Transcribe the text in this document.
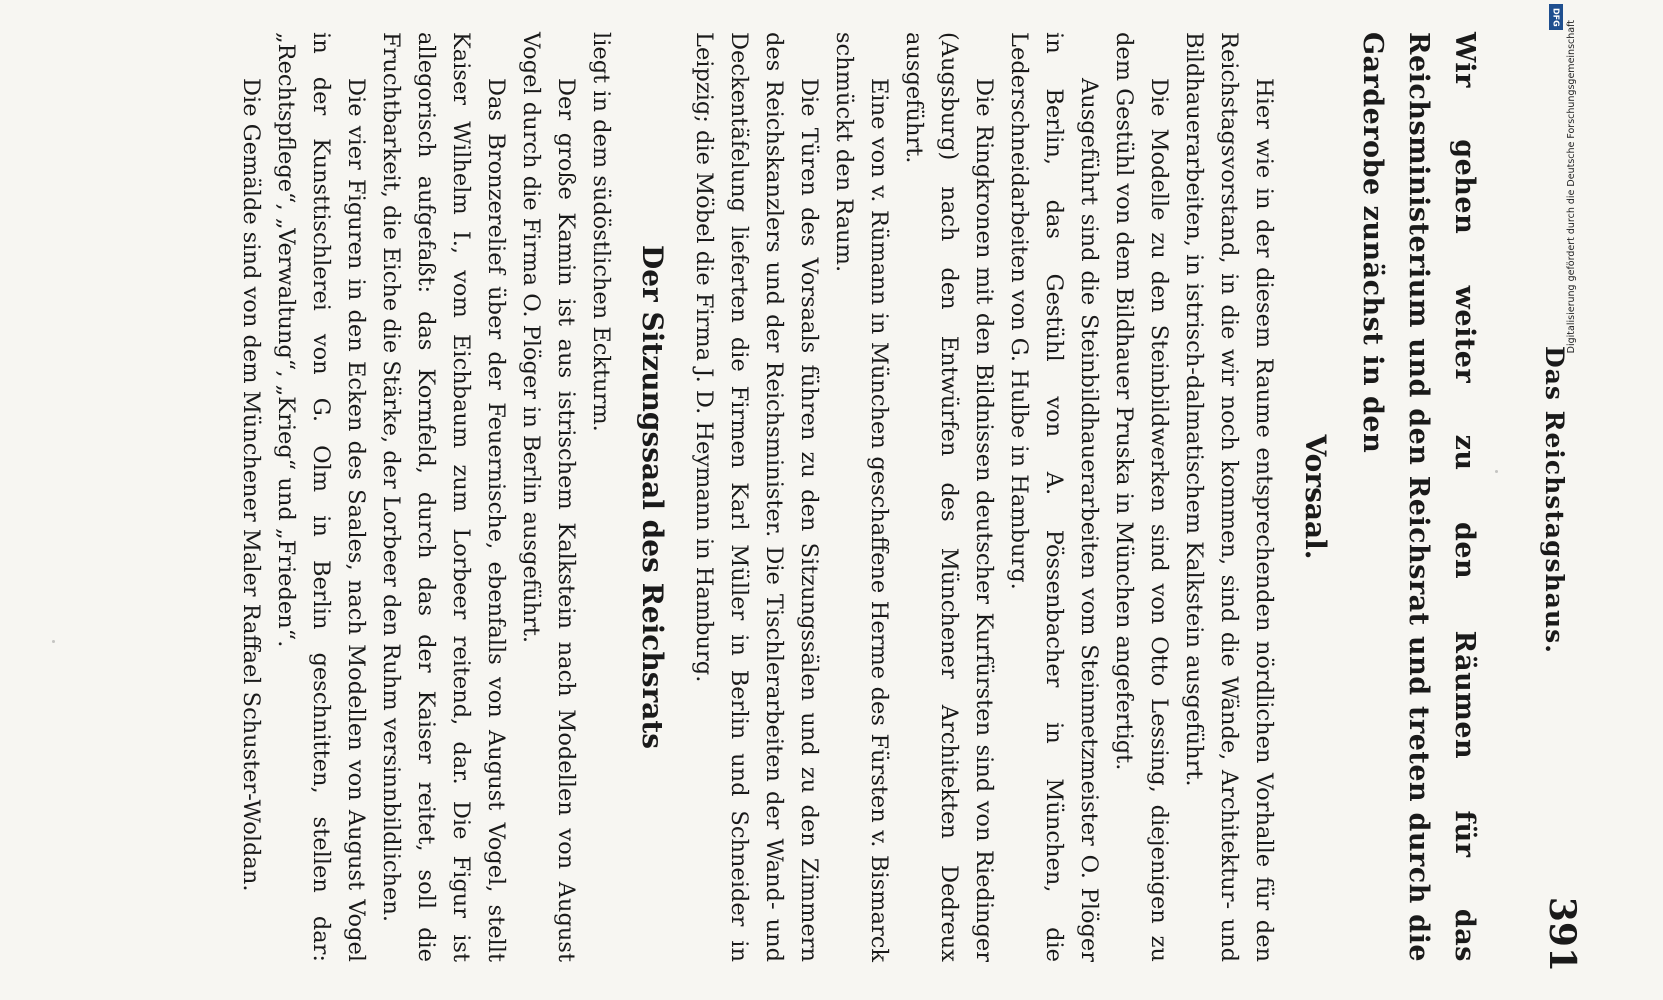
Das Reichstagshaus.
391

Wir gehen weiter zu den Räumen für das Reichsministerium und den Reichsrat und treten durch die Garderobe zunächst in den

Vorsaal.

Hier wie in der diesem Raume entsprechenden nördlichen Vorhalle für den Reichstagsvorstand, in die wir noch kommen, sind die Wände, Architektur- und Bildhauerarbeiten, in istrisch-dalmatischem Kalkstein ausgeführt.

Die Modelle zu den Steinbildwerken sind von Otto Lessing, diejenigen zu dem Gestühl von dem Bildhauer Pruska in München angefertigt.

Ausgeführt sind die Steinbildhauerarbeiten vom Steinmetzmeister O. Plöger in Berlin, das Gestühl von A. Pössenbacher in München, die Lederschneidarbeiten von G. Hulbe in Hamburg.

Die Ringkronen mit den Bildnissen deutscher Kurfürsten sind von Riedinger (Augsburg) nach den Entwürfen des Münchener Architekten Dedreux ausgeführt.

Eine von v. Rümann in München geschaffene Herme des Fürsten v. Bismarck schmückt den Raum.

Die Türen des Vorsaals führen zu den Sitzungssälen und zu den Zimmern des Reichskanzlers und der Reichsminister. Die Tischlerarbeiten der Wand- und Deckentäfelung lieferten die Firmen Karl Müller in Berlin und Schneider in Leipzig; die Möbel die Firma J. D. Heymann in Hamburg.

Der Sitzungssaal des Reichsrats

liegt in dem südöstlichen Eckturm.

Der große Kamin ist aus istrischem Kalkstein nach Modellen von August Vogel durch die Firma O. Plöger in Berlin ausgeführt.

Das Bronzerelief über der Feuernische, ebenfalls von August Vogel, stellt Kaiser Wilhelm I., vom Eichbaum zum Lorbeer reitend, dar. Die Figur ist allegorisch aufgefaßt: das Kornfeld, durch das der Kaiser reitet, soll die Fruchtbarkeit, die Eiche die Stärke, der Lorbeer den Ruhm versinnbildlichen.

Die vier Figuren in den Ecken des Saales, nach Modellen von August Vogel in der Kunsttischlerei von G. Olm in Berlin geschnitten, stellen dar: „Rechtspflege“, „Verwaltung“, „Krieg“ und „Frieden“.

Die Gemälde sind von dem Münchener Maler Raffael Schuster-Woldan.

DFG
Digitalisierung gefördert durch die Deutsche Forschungsgemeinschaft
